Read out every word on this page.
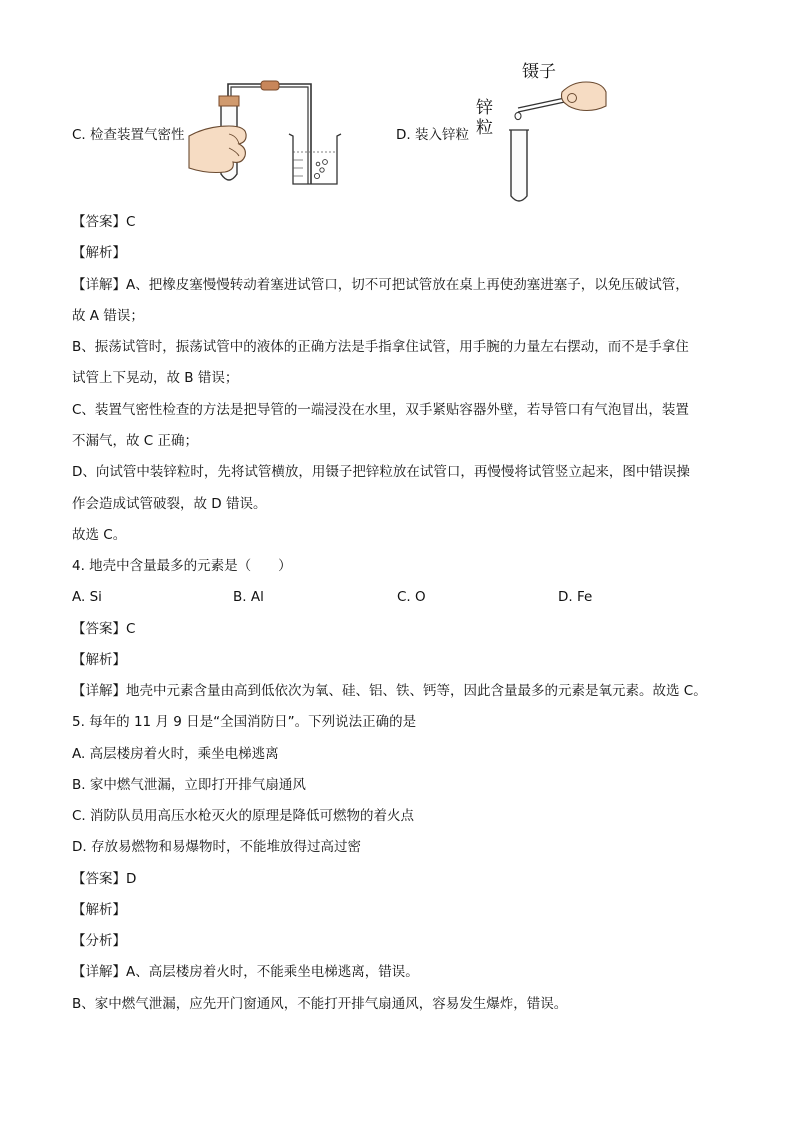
C. 检查装置气密性	D. 装入锌粒
镊子
锌
粒
【答案】C
【解析】
【详解】A、把橡皮塞慢慢转动着塞进试管口，切不可把试管放在桌上再使劲塞进塞子，以免压破试管，
故 A 错误；
B、振荡试管时，振荡试管中的液体的正确方法是手指拿住试管，用手腕的力量左右摆动，而不是手拿住
试管上下晃动，故 B 错误；
C、装置气密性检查的方法是把导管的一端浸没在水里，双手紧贴容器外壁，若导管口有气泡冒出，装置
不漏气，故 C 正确；
D、向试管中装锌粒时，先将试管横放，用镊子把锌粒放在试管口，再慢慢将试管竖立起来，图中错误操
作会造成试管破裂，故 D 错误。
故选 C。
4. 地壳中含量最多的元素是（　　）
A. Si	B. Al	C. O	D. Fe
【答案】C
【解析】
【详解】地壳中元素含量由高到低依次为氧、硅、铝、铁、钙等，因此含量最多的元素是氧元素。故选 C。
5. 每年的 11 月 9 日是“全国消防日”。下列说法正确的是
A. 高层楼房着火时，乘坐电梯逃离
B. 家中燃气泄漏，立即打开排气扇通风
C. 消防队员用高压水枪灭火的原理是降低可燃物的着火点
D. 存放易燃物和易爆物时，不能堆放得过高过密
【答案】D
【解析】
【分析】
【详解】A、高层楼房着火时，不能乘坐电梯逃离，错误。
B、家中燃气泄漏，应先开门窗通风，不能打开排气扇通风，容易发生爆炸，错误。
